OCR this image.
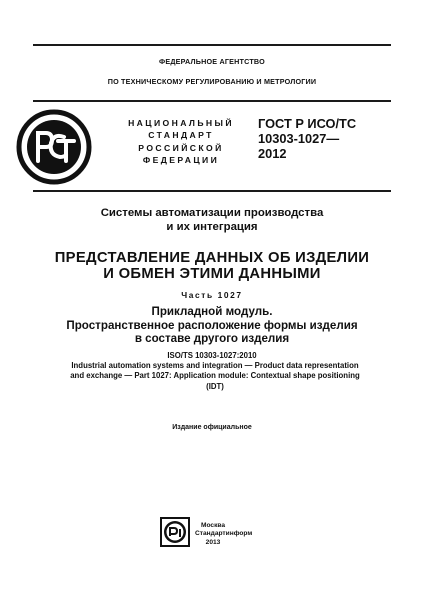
ФЕДЕРАЛЬНОЕ АГЕНТСТВО
ПО ТЕХНИЧЕСКОМУ РЕГУЛИРОВАНИЮ И МЕТРОЛОГИИ
НАЦИОНАЛЬНЫЙ
СТАНДАРТ
РОССИЙСКОЙ
ФЕДЕРАЦИИ
ГОСТ Р ИСО/ТС
10303-1027—
2012
Системы автоматизации производства
и их интеграция
ПРЕДСТАВЛЕНИЕ ДАННЫХ ОБ ИЗДЕЛИИ
И ОБМЕН ЭТИМИ ДАННЫМИ
Часть 1027
Прикладной модуль.
Пространственное расположение формы изделия
в составе другого изделия
ISO/TS 10303-1027:2010
Industrial automation systems and integration — Product data representation
and exchange — Part 1027: Application module: Contextual shape positioning
(IDT)
Издание официальное
Москва
Стандартинформ
2013
